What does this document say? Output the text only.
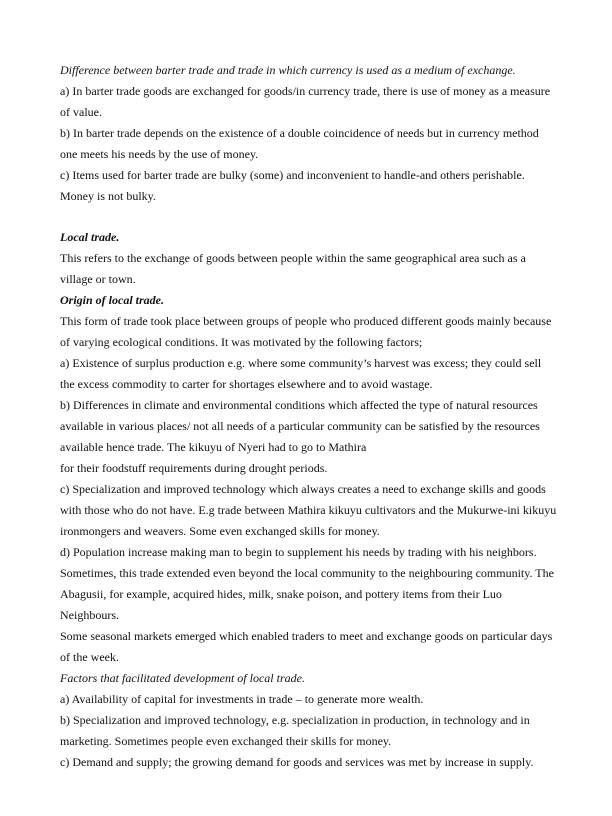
Difference between barter trade and trade in which currency is used as a medium of exchange.
a) In barter trade goods are exchanged for goods/in currency trade, there is use of money as a measure
of value.
b) In barter trade depends on the existence of a double coincidence of needs but in currency method
one meets his needs by the use of money.
c) Items used for barter trade are bulky (some) and inconvenient to handle-and others perishable.
Money is not bulky.
Local trade.
This refers to the exchange of goods between people within the same geographical area such as a
village or town.
Origin of local trade.
This form of trade took place between groups of people who produced different goods mainly because
of varying ecological conditions. It was motivated by the following factors;
a) Existence of surplus production e.g. where some community’s harvest was excess; they could sell
the excess commodity to carter for shortages elsewhere and to avoid wastage.
b) Differences in climate and environmental conditions which affected the type of natural resources
available in various places/ not all needs of a particular community can be satisfied by the resources
available hence trade. The kikuyu of Nyeri had to go to Mathira
for their foodstuff requirements during drought periods.
c) Specialization and improved technology which always creates a need to exchange skills and goods
with those who do not have. E.g trade between Mathira kikuyu cultivators and the Mukurwe-ini kikuyu
ironmongers and weavers. Some even exchanged skills for money.
d) Population increase making man to begin to supplement his needs by trading with his neighbors.
Sometimes, this trade extended even beyond the local community to the neighbouring community. The
Abagusii, for example, acquired hides, milk, snake poison, and pottery items from their Luo
Neighbours.
Some seasonal markets emerged which enabled traders to meet and exchange goods on particular days
of the week.
Factors that facilitated development of local trade.
a) Availability of capital for investments in trade – to generate more wealth.
b) Specialization and improved technology, e.g. specialization in production, in technology and in
marketing. Sometimes people even exchanged their skills for money.
c) Demand and supply; the growing demand for goods and services was met by increase in supply.
